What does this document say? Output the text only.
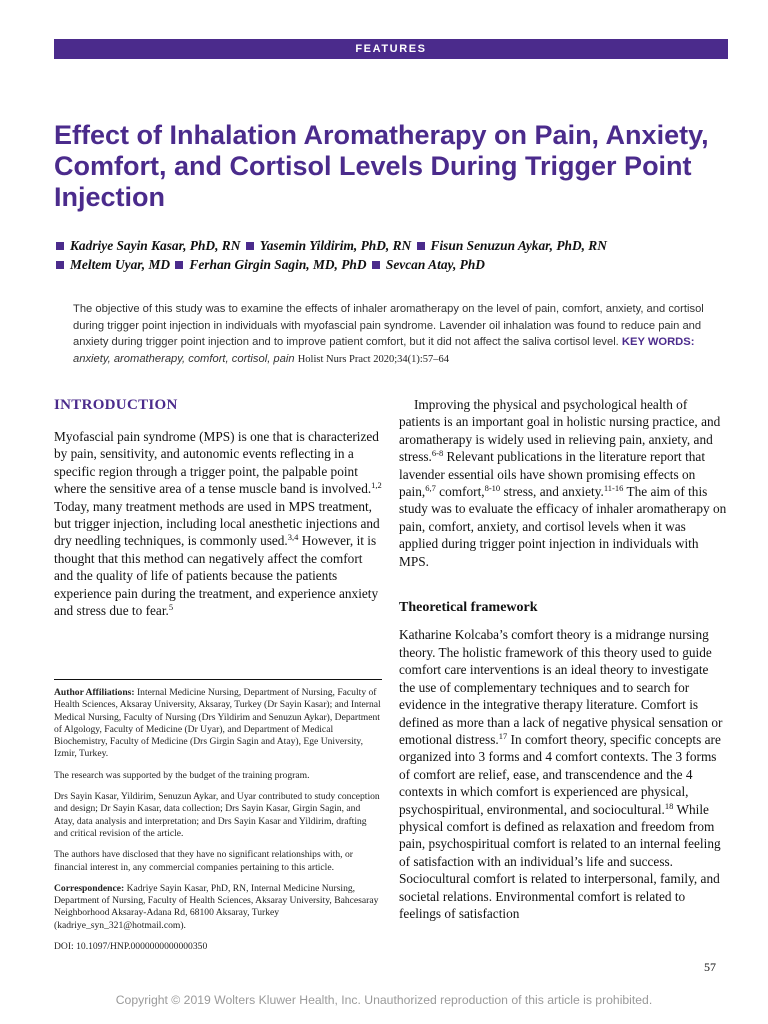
FEATURES
Effect of Inhalation Aromatherapy on Pain, Anxiety, Comfort, and Cortisol Levels During Trigger Point Injection
Kadriye Sayin Kasar, PhD, RN Yasemin Yildirim, PhD, RN Fisun Senuzun Aykar, PhD, RN
Meltem Uyar, MD Ferhan Girgin Sagin, MD, PhD Sevcan Atay, PhD
The objective of this study was to examine the effects of inhaler aromatherapy on the level of pain, comfort, anxiety, and cortisol during trigger point injection in individuals with myofascial pain syndrome. Lavender oil inhalation was found to reduce pain and anxiety during trigger point injection and to improve patient comfort, but it did not affect the saliva cortisol level. KEY WORDS: anxiety, aromatherapy, comfort, cortisol, pain Holist Nurs Pract 2020;34(1):57–64
INTRODUCTION

Myofascial pain syndrome (MPS) is one that is characterized by pain, sensitivity, and autonomic events reflecting in a specific region through a trigger point, the palpable point where the sensitive area of a tense muscle band is involved.$^{1,2}$ Today, many treatment methods are used in MPS treatment, but trigger injection, including local anesthetic injections and dry needling techniques, is commonly used.$^{3,4}$ However, it is thought that this method can negatively affect the comfort and the quality of life of patients because the patients experience pain during the treatment, and experience anxiety and stress due to fear.$^5$

Improving the physical and psychological health of patients is an important goal in holistic nursing practice, and aromatherapy is widely used in relieving pain, anxiety, and stress.$^{6-8}$ Relevant publications in the literature report that lavender essential oils have shown promising effects on pain,$^{6,7}$ comfort,$^{8-10}$ stress, and anxiety.$^{11-16}$ The aim of this study was to evaluate the efficacy of inhaler aromatherapy on pain, comfort, anxiety, and cortisol levels when it was applied during trigger point injection in individuals with MPS.

Theoretical framework

Katharine Kolcaba’s comfort theory is a midrange nursing theory. The holistic framework of this theory used to guide comfort care interventions is an ideal theory to investigate the use of complementary techniques and to search for evidence in the integrative therapy literature. Comfort is defined as more than a lack of negative physical sensation or emotional distress.$^{17}$ In comfort theory, specific concepts are organized into 3 forms and 4 comfort contexts. The 3 forms of comfort are relief, ease, and transcendence and the 4 contexts in which comfort is experienced are physical, psychospiritual, environmental, and sociocultural.$^{18}$ While physical comfort is defined as relaxation and freedom from pain, psychospiritual comfort is related to an internal feeling of satisfaction with an individual’s life and success. Sociocultural comfort is related to interpersonal, family, and societal relations. Environmental comfort is related to feelings of satisfaction

Author Affiliations: Internal Medicine Nursing, Department of Nursing, Faculty of Health Sciences, Aksaray University, Aksaray, Turkey (Dr Sayin Kasar); and Internal Medical Nursing, Faculty of Nursing (Drs Yildirim and Senuzun Aykar), Department of Algology, Faculty of Medicine (Dr Uyar), and Department of Medical Biochemistry, Faculty of Medicine (Drs Girgin Sagin and Atay), Ege University, Izmir, Turkey.

The research was supported by the budget of the training program.

Drs Sayin Kasar, Yildirim, Senuzun Aykar, and Uyar contributed to study conception and design; Dr Sayin Kasar, data collection; Drs Sayin Kasar, Girgin Sagin, and Atay, data analysis and interpretation; and Drs Sayin Kasar and Yildirim, drafting and critical revision of the article.

The authors have disclosed that they have no significant relationships with, or financial interest in, any commercial companies pertaining to this article.

Correspondence: Kadriye Sayin Kasar, PhD, RN, Internal Medicine Nursing, Department of Nursing, Faculty of Health Sciences, Aksaray University, Bahcesaray Neighborhood Aksaray-Adana Rd, 68100 Aksaray, Turkey (kadriye_syn_321@hotmail.com).

DOI: 10.1097/HNP.0000000000000350

57
Copyright © 2019 Wolters Kluwer Health, Inc. Unauthorized reproduction of this article is prohibited.
